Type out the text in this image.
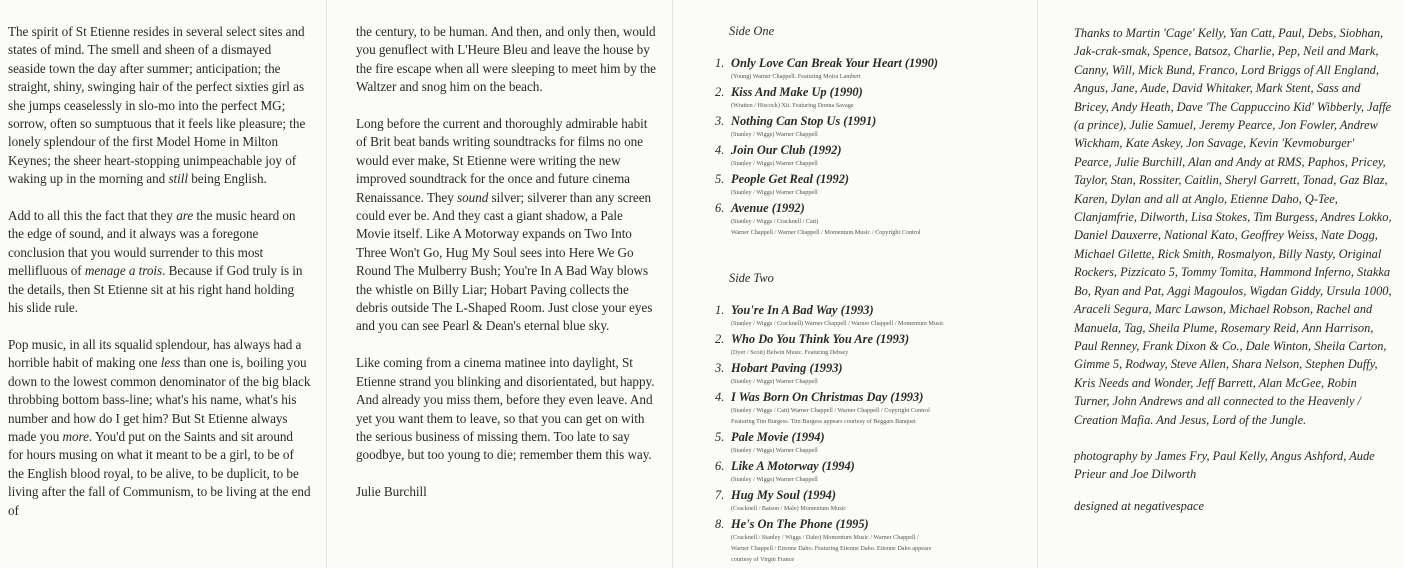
The spirit of St Etienne resides in several select sites and states of mind. The smell and sheen of a dismayed seaside town the day after summer; anticipation; the straight, shiny, swinging hair of the perfect sixties girl as she jumps ceaselessly in slo-mo into the perfect MG; sorrow, often so sumptuous that it feels like pleasure; the lonely splendour of the first Model Home in Milton Keynes; the sheer heart-stopping unimpeachable joy of waking up in the morning and still being English.

Add to all this the fact that they are the music heard on the edge of sound, and it always was a foregone conclusion that you would surrender to this most mellifluous of menage a trois. Because if God truly is in the details, then St Etienne sit at his right hand holding his slide rule.

Pop music, in all its squalid splendour, has always had a horrible habit of making one less than one is, boiling you down to the lowest common denominator of the big black throbbing bottom bass-line; what's his name, what's his number and how do I get him? But St Etienne always made you more. You'd put on the Saints and sit around for hours musing on what it meant to be a girl, to be of the English blood royal, to be alive, to be duplicit, to be living after the fall of Communism, to be living at the end of

the century, to be human. And then, and only then, would you genuflect with L'Heure Bleu and leave the house by the fire escape when all were sleeping to meet him by the Waltzer and snog him on the beach.

Long before the current and thoroughly admirable habit of Brit beat bands writing soundtracks for films no one would ever make, St Etienne were writing the new improved soundtrack for the once and future cinema Renaissance. They sound silver; silverer than any screen could ever be. And they cast a giant shadow, a Pale Movie itself. Like A Motorway expands on Two Into Three Won't Go, Hug My Soul sees into Here We Go Round The Mulberry Bush; You're In A Bad Way blows the whistle on Billy Liar; Hobart Paving collects the debris outside The L-Shaped Room. Just close your eyes and you can see Pearl & Dean's eternal blue sky.

Like coming from a cinema matinee into daylight, St Etienne strand you blinking and disorientated, but happy. And already you miss them, before they even leave. And yet you want them to leave, so that you can get on with the serious business of missing them. Too late to say goodbye, but too young to die; remember them this way.

Julie Burchill
Side One
1. Only Love Can Break Your Heart (1990)
(Young) Warner Chappell. Featuring Moira Lambert
2. Kiss And Make Up (1990)
(Wratten / Hiscock) Xit. Featuring Donna Savage
3. Nothing Can Stop Us (1991)
(Stanley / Wiggs) Warner Chappell
4. Join Our Club (1992)
(Stanley / Wiggs) Warner Chappell
5. People Get Real (1992)
(Stanley / Wiggs) Warner Chappell
6. Avenue (1992)
(Stanley / Wiggs / Cracknell / Catt)
Warner Chappell / Warner Chappell / Momentum Music / Copyright Control
Side Two
1. You're In A Bad Way (1993)
(Stanley / Wiggs / Cracknell) Warner Chappell / Warner Chappell / Momentum Music
2. Who Do You Think You Are (1993)
(Dyer / Scott) Belwin Music. Featuring Debsey
3. Hobart Paving (1993)
(Stanley / Wiggs) Warner Chappell
4. I Was Born On Christmas Day (1993)
(Stanley / Wiggs / Catt) Warner Chappell / Warner Chappell / Copyright Control
Featuring Tim Burgess. Tim Burgess appears courtesy of Beggars Banquet
5. Pale Movie (1994)
(Stanley / Wiggs) Warner Chappell
6. Like A Motorway (1994)
(Stanley / Wiggs) Warner Chappell
7. Hug My Soul (1994)
(Cracknell / Batson / Male) Momentum Music
8. He's On The Phone (1995)
(Cracknell / Stanley / Wiggs / Daho) Momentum Music / Warner Chappell /
Warner Chappell / Etienne Daho. Featuring Etienne Daho. Etienne Daho appears
courtesy of Virgin France
Thanks to Martin 'Cage' Kelly, Yan Catt, Paul, Debs, Siobhan, Jak-crak-smak, Spence, Batsoz, Charlie, Pep, Neil and Mark, Canny, Will, Mick Bund, Franco, Lord Briggs of All England, Angus, Jane, Aude, David Whitaker, Mark Stent, Sass and Bricey, Andy Heath, Dave 'The Cappuccino Kid' Wibberly, Jaffe (a prince), Julie Samuel, Jeremy Pearce, Jon Fowler, Andrew Wickham, Kate Askey, Jon Savage, Kevin 'Kevmoburger' Pearce, Julie Burchill, Alan and Andy at RMS, Paphos, Pricey, Taylor, Stan, Rossiter, Caitlin, Sheryl Garrett, Tonad, Gaz Blaz, Karen, Dylan and all at Anglo, Etienne Daho, Q-Tee, Clanjamfrie, Dilworth, Lisa Stokes, Tim Burgess, Andres Lokko, Daniel Dauxerre, National Kato, Geoffrey Weiss, Nate Dogg, Michael Gilette, Rick Smith, Rosmalyon, Billy Nasty, Original Rockers, Pizzicato 5, Tommy Tomita, Hammond Inferno, Stakka Bo, Ryan and Pat, Aggi Magoulos, Wigdan Giddy, Ursula 1000, Araceli Segura, Marc Lawson, Michael Robson, Rachel and Manuela, Tag, Sheila Plume, Rosemary Reid, Ann Harrison, Paul Renney, Frank Dixon & Co., Dale Winton, Sheila Carton, Gimme 5, Rodway, Steve Allen, Shara Nelson, Stephen Duffy, Kris Needs and Wonder, Jeff Barrett, Alan McGee, Robin Turner, John Andrews and all connected to the Heavenly / Creation Mafia. And Jesus, Lord of the Jungle.
photography by James Fry, Paul Kelly, Angus Ashford, Aude Prieur and Joe Dilworth
designed at negativespace
